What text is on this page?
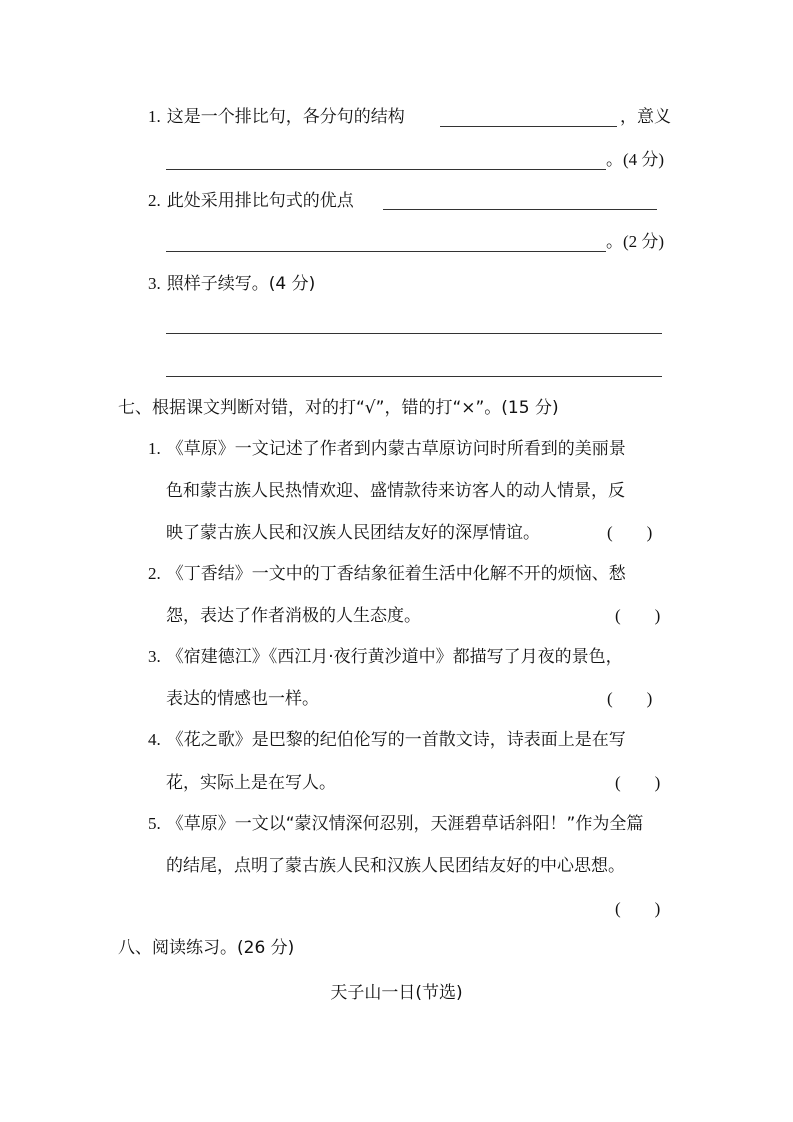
1. 这是一个排比句，各分句的结构	，意义
。(4 分)
2. 此处采用排比句式的优点
。(2 分)
3. 照样子续写。(4 分)
七、根据课文判断对错，对的打“√”，错的打“×”。(15 分)
1. 《草原》一文记述了作者到内蒙古草原访问时所看到的美丽景
色和蒙古族人民热情欢迎、盛情款待来访客人的动人情景，反
映了蒙古族人民和汉族人民团结友好的深厚情谊。	(        )
2. 《丁香结》一文中的丁香结象征着生活中化解不开的烦恼、愁
怨，表达了作者消极的人生态度。	(        )
3. 《宿建德江》《西江月·夜行黄沙道中》都描写了月夜的景色，
表达的情感也一样。	(        )
4. 《花之歌》是巴黎的纪伯伦写的一首散文诗，诗表面上是在写
花，实际上是在写人。	(        )
5. 《草原》一文以“蒙汉情深何忍别，天涯碧草话斜阳！”作为全篇
的结尾，点明了蒙古族人民和汉族人民团结友好的中心思想。
(        )
八、阅读练习。(26 分)
天子山一日(节选)
